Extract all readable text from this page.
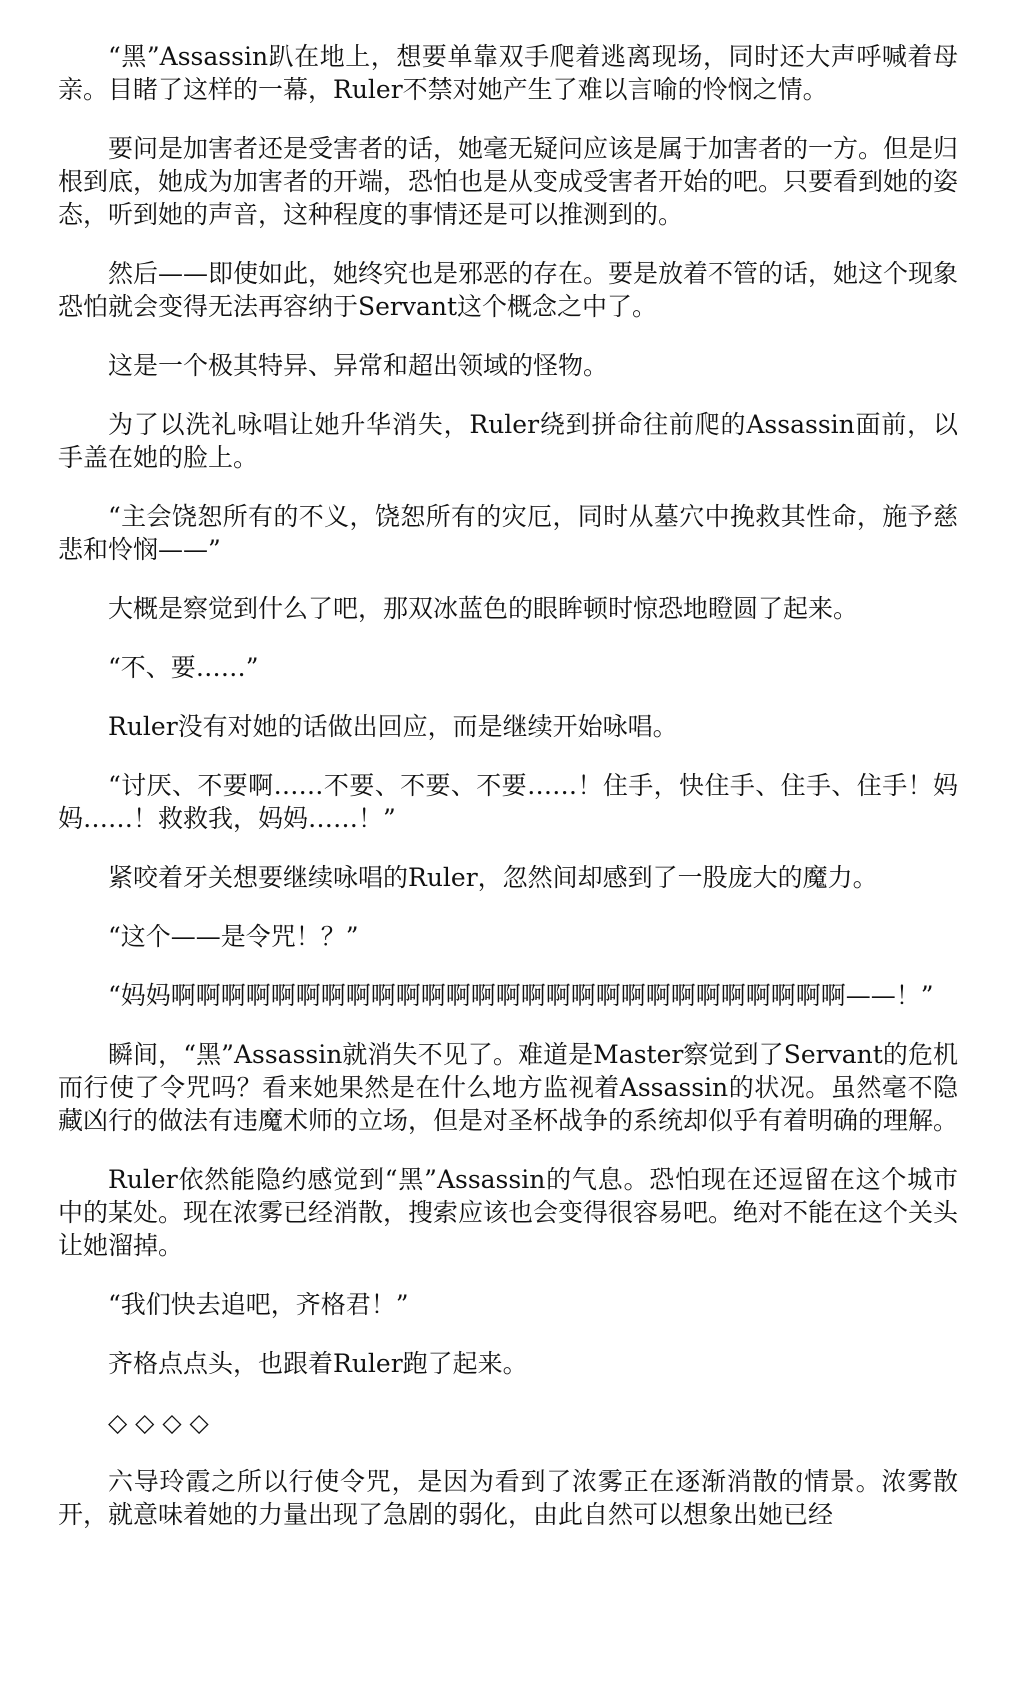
“黑”Assassin趴在地上，想要单靠双手爬着逃离现场，同时还大声呼喊着母亲。目睹了这样的一幕，Ruler不禁对她产生了难以言喻的怜悯之情。

要问是加害者还是受害者的话，她毫无疑问应该是属于加害者的一方。但是归根到底，她成为加害者的开端，恐怕也是从变成受害者开始的吧。只要看到她的姿态，听到她的声音，这种程度的事情还是可以推测到的。

然后——即使如此，她终究也是邪恶的存在。要是放着不管的话，她这个现象恐怕就会变得无法再容纳于Servant这个概念之中了。

这是一个极其特异、异常和超出领域的怪物。

为了以洗礼咏唱让她升华消失，Ruler绕到拼命往前爬的Assassin面前，以手盖在她的脸上。

“主会饶恕所有的不义，饶恕所有的灾厄，同时从墓穴中挽救其性命，施予慈悲和怜悯——”

大概是察觉到什么了吧，那双冰蓝色的眼眸顿时惊恐地瞪圆了起来。

“不、要……”

Ruler没有对她的话做出回应，而是继续开始咏唱。

“讨厌、不要啊……不要、不要、不要……！住手，快住手、住手、住手！妈妈……！救救我，妈妈……！”

紧咬着牙关想要继续咏唱的Ruler，忽然间却感到了一股庞大的魔力。

“这个——是令咒！？”

“妈妈啊啊啊啊啊啊啊啊啊啊啊啊啊啊啊啊啊啊啊啊啊啊啊啊啊啊啊——！”

瞬间，“黑”Assassin就消失不见了。难道是Master察觉到了Servant的危机而行使了令咒吗？看来她果然是在什么地方监视着Assassin的状况。虽然毫不隐藏凶行的做法有违魔术师的立场，但是对圣杯战争的系统却似乎有着明确的理解。

Ruler依然能隐约感觉到“黑”Assassin的气息。恐怕现在还逗留在这个城市中的某处。现在浓雾已经消散，搜索应该也会变得很容易吧。绝对不能在这个关头让她溜掉。

“我们快去追吧，齐格君！”

齐格点点头，也跟着Ruler跑了起来。

◇ ◇ ◇ ◇

六导玲霞之所以行使令咒，是因为看到了浓雾正在逐渐消散的情景。浓雾散开，就意味着她的力量出现了急剧的弱化，由此自然可以想象出她已经
